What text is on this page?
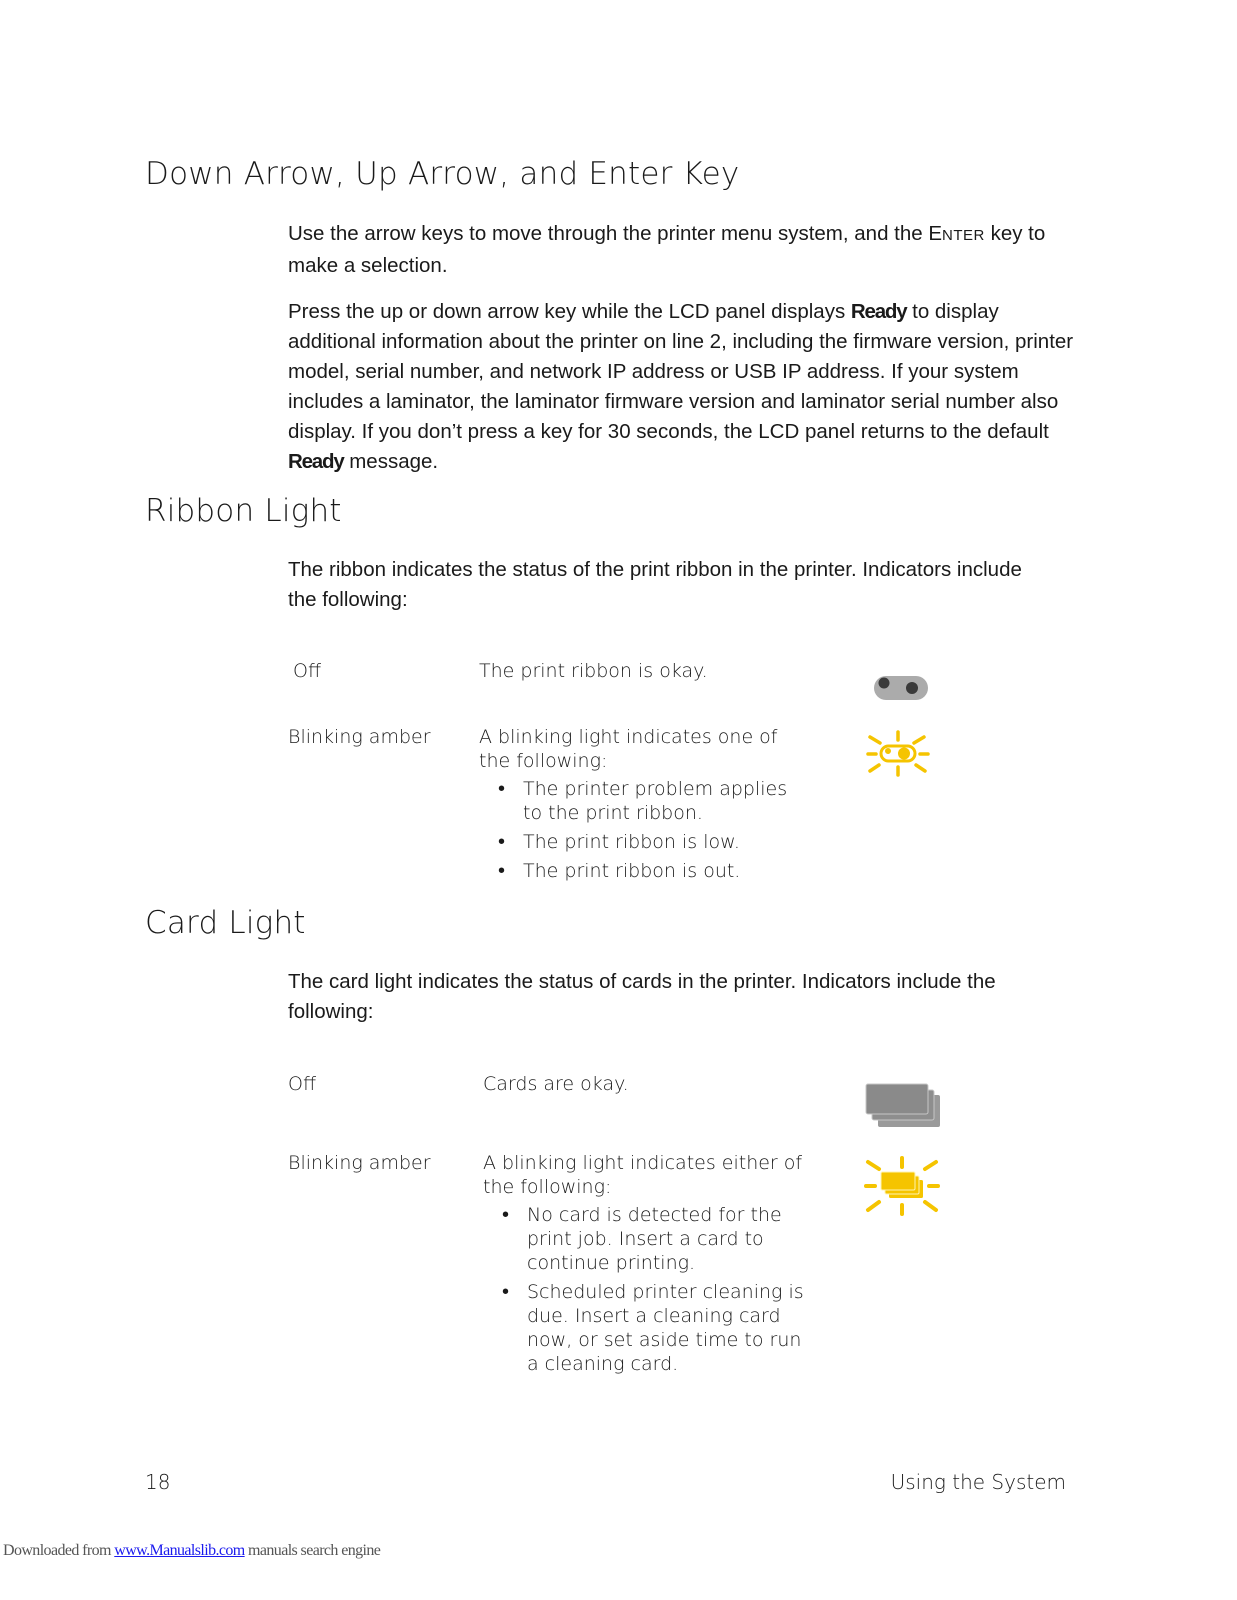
Down Arrow, Up Arrow, and Enter Key
Use the arrow keys to move through the printer menu system, and the ENTER key to make a selection.
Press the up or down arrow key while the LCD panel displays Ready to display additional information about the printer on line 2, including the firmware version, printer model, serial number, and network IP address or USB IP address. If your system includes a laminator, the laminator firmware version and laminator serial number also display. If you don’t press a key for 30 seconds, the LCD panel returns to the default Ready message.
Ribbon Light
The ribbon indicates the status of the print ribbon in the printer. Indicators include the following:
Off	The print ribbon is okay.
Blinking amber	A blinking light indicates one of the following:
• The printer problem applies to the print ribbon.
• The print ribbon is low.
• The print ribbon is out.
Card Light
The card light indicates the status of cards in the printer. Indicators include the following:
Off	Cards are okay.
Blinking amber	A blinking light indicates either of the following:
• No card is detected for the print job. Insert a card to continue printing.
• Scheduled printer cleaning is due. Insert a cleaning card now, or set aside time to run a cleaning card.
18	Using the System
Downloaded from www.Manualslib.com manuals search engine
